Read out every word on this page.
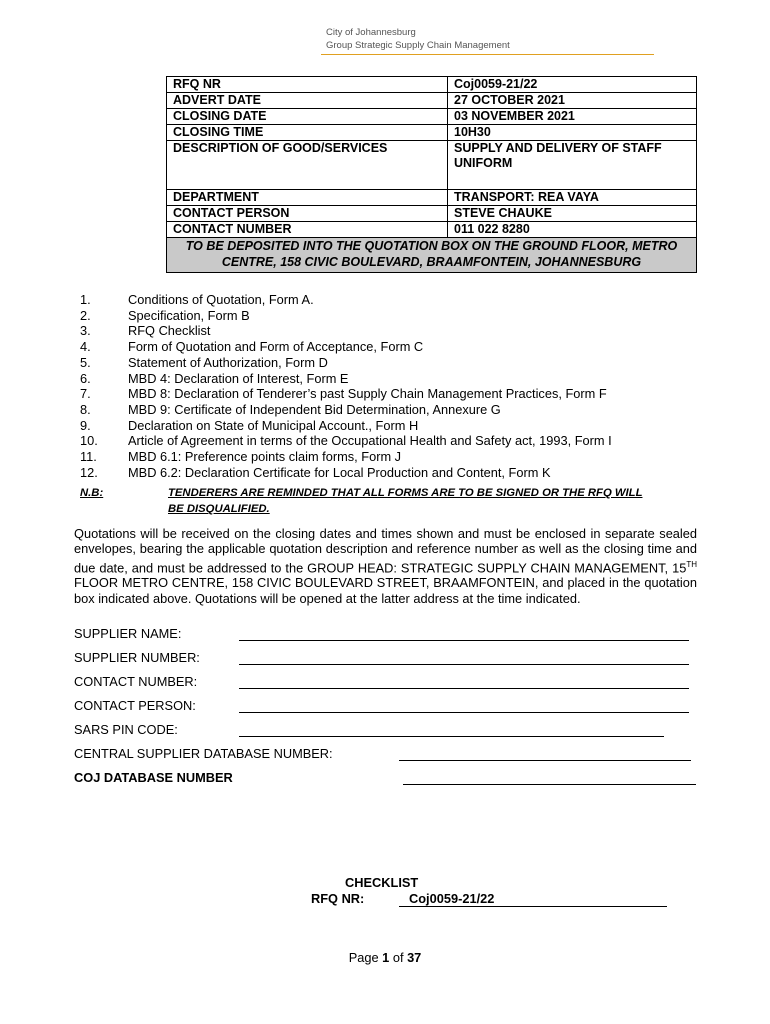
City of Johannesburg
Group Strategic Supply Chain Management
RFQ NR	Coj0059-21/22
ADVERT DATE	27 OCTOBER 2021
CLOSING DATE	03 NOVEMBER 2021
CLOSING TIME	10H30
DESCRIPTION OF GOOD/SERVICES	SUPPLY AND DELIVERY OF STAFF UNIFORM
DEPARTMENT	TRANSPORT: REA VAYA
CONTACT PERSON	STEVE CHAUKE
CONTACT NUMBER	011 022 8280
TO BE DEPOSITED INTO THE QUOTATION BOX ON THE GROUND FLOOR, METRO CENTRE, 158 CIVIC BOULEVARD, BRAAMFONTEIN, JOHANNESBURG	
1.	Conditions of Quotation, Form A.
2.	Specification, Form B
3.	RFQ Checklist
4.	Form of Quotation and Form of Acceptance, Form C
5.	Statement of Authorization, Form D
6.	MBD 4: Declaration of Interest, Form E
7.	MBD 8: Declaration of Tenderer’s past Supply Chain Management Practices, Form F
8.	MBD 9: Certificate of Independent Bid Determination, Annexure G
9.	Declaration on State of Municipal Account., Form H
10. Article of Agreement in terms of the Occupational Health and Safety act, 1993, Form I
11. MBD 6.1: Preference points claim forms, Form J
12. MBD 6.2: Declaration Certificate for Local Production and Content, Form K
N.B:	TENDERERS ARE REMINDED THAT ALL FORMS ARE TO BE SIGNED OR THE RFQ WILL BE DISQUALIFIED.
Quotations will be received on the closing dates and times shown and must be enclosed in separate sealed envelopes, bearing the applicable quotation description and reference number as well as the closing time and due date, and must be addressed to the GROUP HEAD: STRATEGIC SUPPLY CHAIN MANAGEMENT, 15TH FLOOR METRO CENTRE, 158 CIVIC BOULEVARD STREET, BRAAMFONTEIN, and placed in the quotation box indicated above. Quotations will be opened at the latter address at the time indicated.
SUPPLIER NAME:
SUPPLIER NUMBER:
CONTACT NUMBER:
CONTACT PERSON:
SARS PIN CODE:
CENTRAL SUPPLIER DATABASE NUMBER:
COJ DATABASE NUMBER
CHECKLIST
RFQ NR:	Coj0059-21/22
Page 1 of 37
